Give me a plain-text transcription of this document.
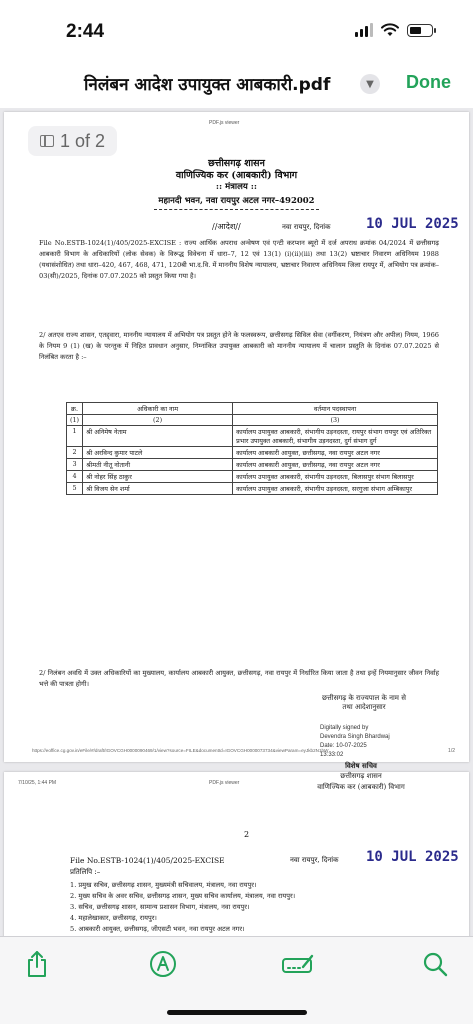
2:44
निलंबन आदेश उपायुक्त आबकारी.pdf	▼	Done
PDF.js viewer
छत्तीसगढ़ शासन
वाणिज्यिक कर (आबकारी) विभाग
:: मंत्रालय ::
महानदी भवन, नवा रायपुर अटल नगर–492002
//आदेश//	नवा रायपुर, दिनांक	10 JUL 2025
File No.ESTB-1024(1)/405/2025-EXCISE : राज्य आर्थिक अपराध अन्वेषण एवं एन्टी करप्शन ब्यूरो में दर्ज अपराध क्रमांक 04/2024 में छत्तीसगढ़ आबकारी विभाग के अधिकारियों (लोक सेवक) के विरूद्ध विवेचना में धारा–7, 12 एवं 13(1) (i)(ii)(iii) तथा 13(2) भ्रष्टाचार निवारण अधिनियम 1988 (यथासंशोधित) तथा धारा–420, 467, 468, 471, 120बी भा.द.वि. में माननीय विशेष न्यायालय, भ्रष्टाचार निवारण अधिनियम जिला रायपुर में, अभियोग पत्र क्रमांक–03(सी)/2025, दिनांक 07.07.2025 को प्रस्तुत किया गया है।
2/ अतएव राज्य शासन, एतद्द्वारा, माननीय न्यायालय में अभियोग पत्र प्रस्तुत होने के फलस्वरूप, छत्तीसगढ़ सिविल सेवा (वर्गीकरण, नियंत्रण और अपील) नियम, 1966 के नियम 9 (1) (ख) के परन्तुक में निहित प्रावधान अनुसार, निम्नांकित उपायुक्त आबकारी को माननीय न्यायालय में चालान प्रस्तुति के दिनांक 07.07.2025 से निलंबित करता है :–
क्र.	अधिकारी का नाम	वर्तमान पदस्थापना
(1)	(2)	(3)
1	श्री अनिमेष नेताम	कार्यालय उपायुक्त आबकारी, संभागीय उड़नदस्ता, रायपुर संभाग रायपुर एवं अतिरिक्त प्रभार उपायुक्त आबकारी, संभागीय उड़नदस्ता, दुर्ग संभाग दुर्ग
2	श्री अरविन्द कुमार पाटले	कार्यालय आबकारी आयुक्त, छत्तीसगढ़, नवा रायपुर अटल नगर
3	श्रीमती नीतू नोतानी	कार्यालय आबकारी आयुक्त, छत्तीसगढ़, नवा रायपुर अटल नगर
4	श्री नोहर सिंह ठाकुर	कार्यालय उपायुक्त आबकारी, संभागीय उड़नदस्ता, बिलासपुर संभाग बिलासपुर
5	श्री विजय सेन शर्मा	कार्यालय उपायुक्त आबकारी, संभागीय उड़नदस्ता, सरगुजा संभाग अम्बिकापुर
2/ निलंबन अवधि में उक्त अधिकारियों का मुख्यालय, कार्यालय आबकारी आयुक्त, छत्तीसगढ़, नवा रायपुर में निर्धारित किया जाता है तथा इन्हें नियमानुसार जीवन निर्वाह भत्ते की पात्रता होगी।
छत्तीसगढ़ के राज्यपाल के नाम से
तथा आदेशानुसार
Digitally signed by
Devendra Singh Bhardwaj
Date: 10-07-2025
13:33:02
https://eoffice.cg.gov.in/eFile/#/draft/IGOVCGH0000090469/1/view?source=FILE&documentId=IGOVCGH0000073734&viewParam=eyJkb2N1bW	1/2
1 of 2
7/10/25, 1:44 PM	PDF.js viewer
2
File No.ESTB-1024(1)/405/2025-EXCISE	नवा रायपुर, दिनांक 10 JUL 2025
प्रतिलिपि :–
1. प्रमुख सचिव, छत्तीसगढ़ शासन, मुख्यमंत्री सचिवालय, मंत्रालय, नवा रायपुर।
2. मुख्य सचिव के अवर सचिव, छत्तीसगढ़ शासन, मुख्य सचिव कार्यालय, मंत्रालय, नवा रायपुर।
3. सचिव, छत्तीसगढ़ शासन, सामान्य प्रशासन विभाग, मंत्रालय, नवा रायपुर।
4. महालेखाकार, छत्तीसगढ़, रायपुर।
5. आबकारी आयुक्त, छत्तीसगढ़, जीएसटी भवन, नवा रायपुर अटल नगर।
विशेष सचिव
छत्तीसगढ़ शासन
वाणिज्यिक कर (आबकारी) विभाग
